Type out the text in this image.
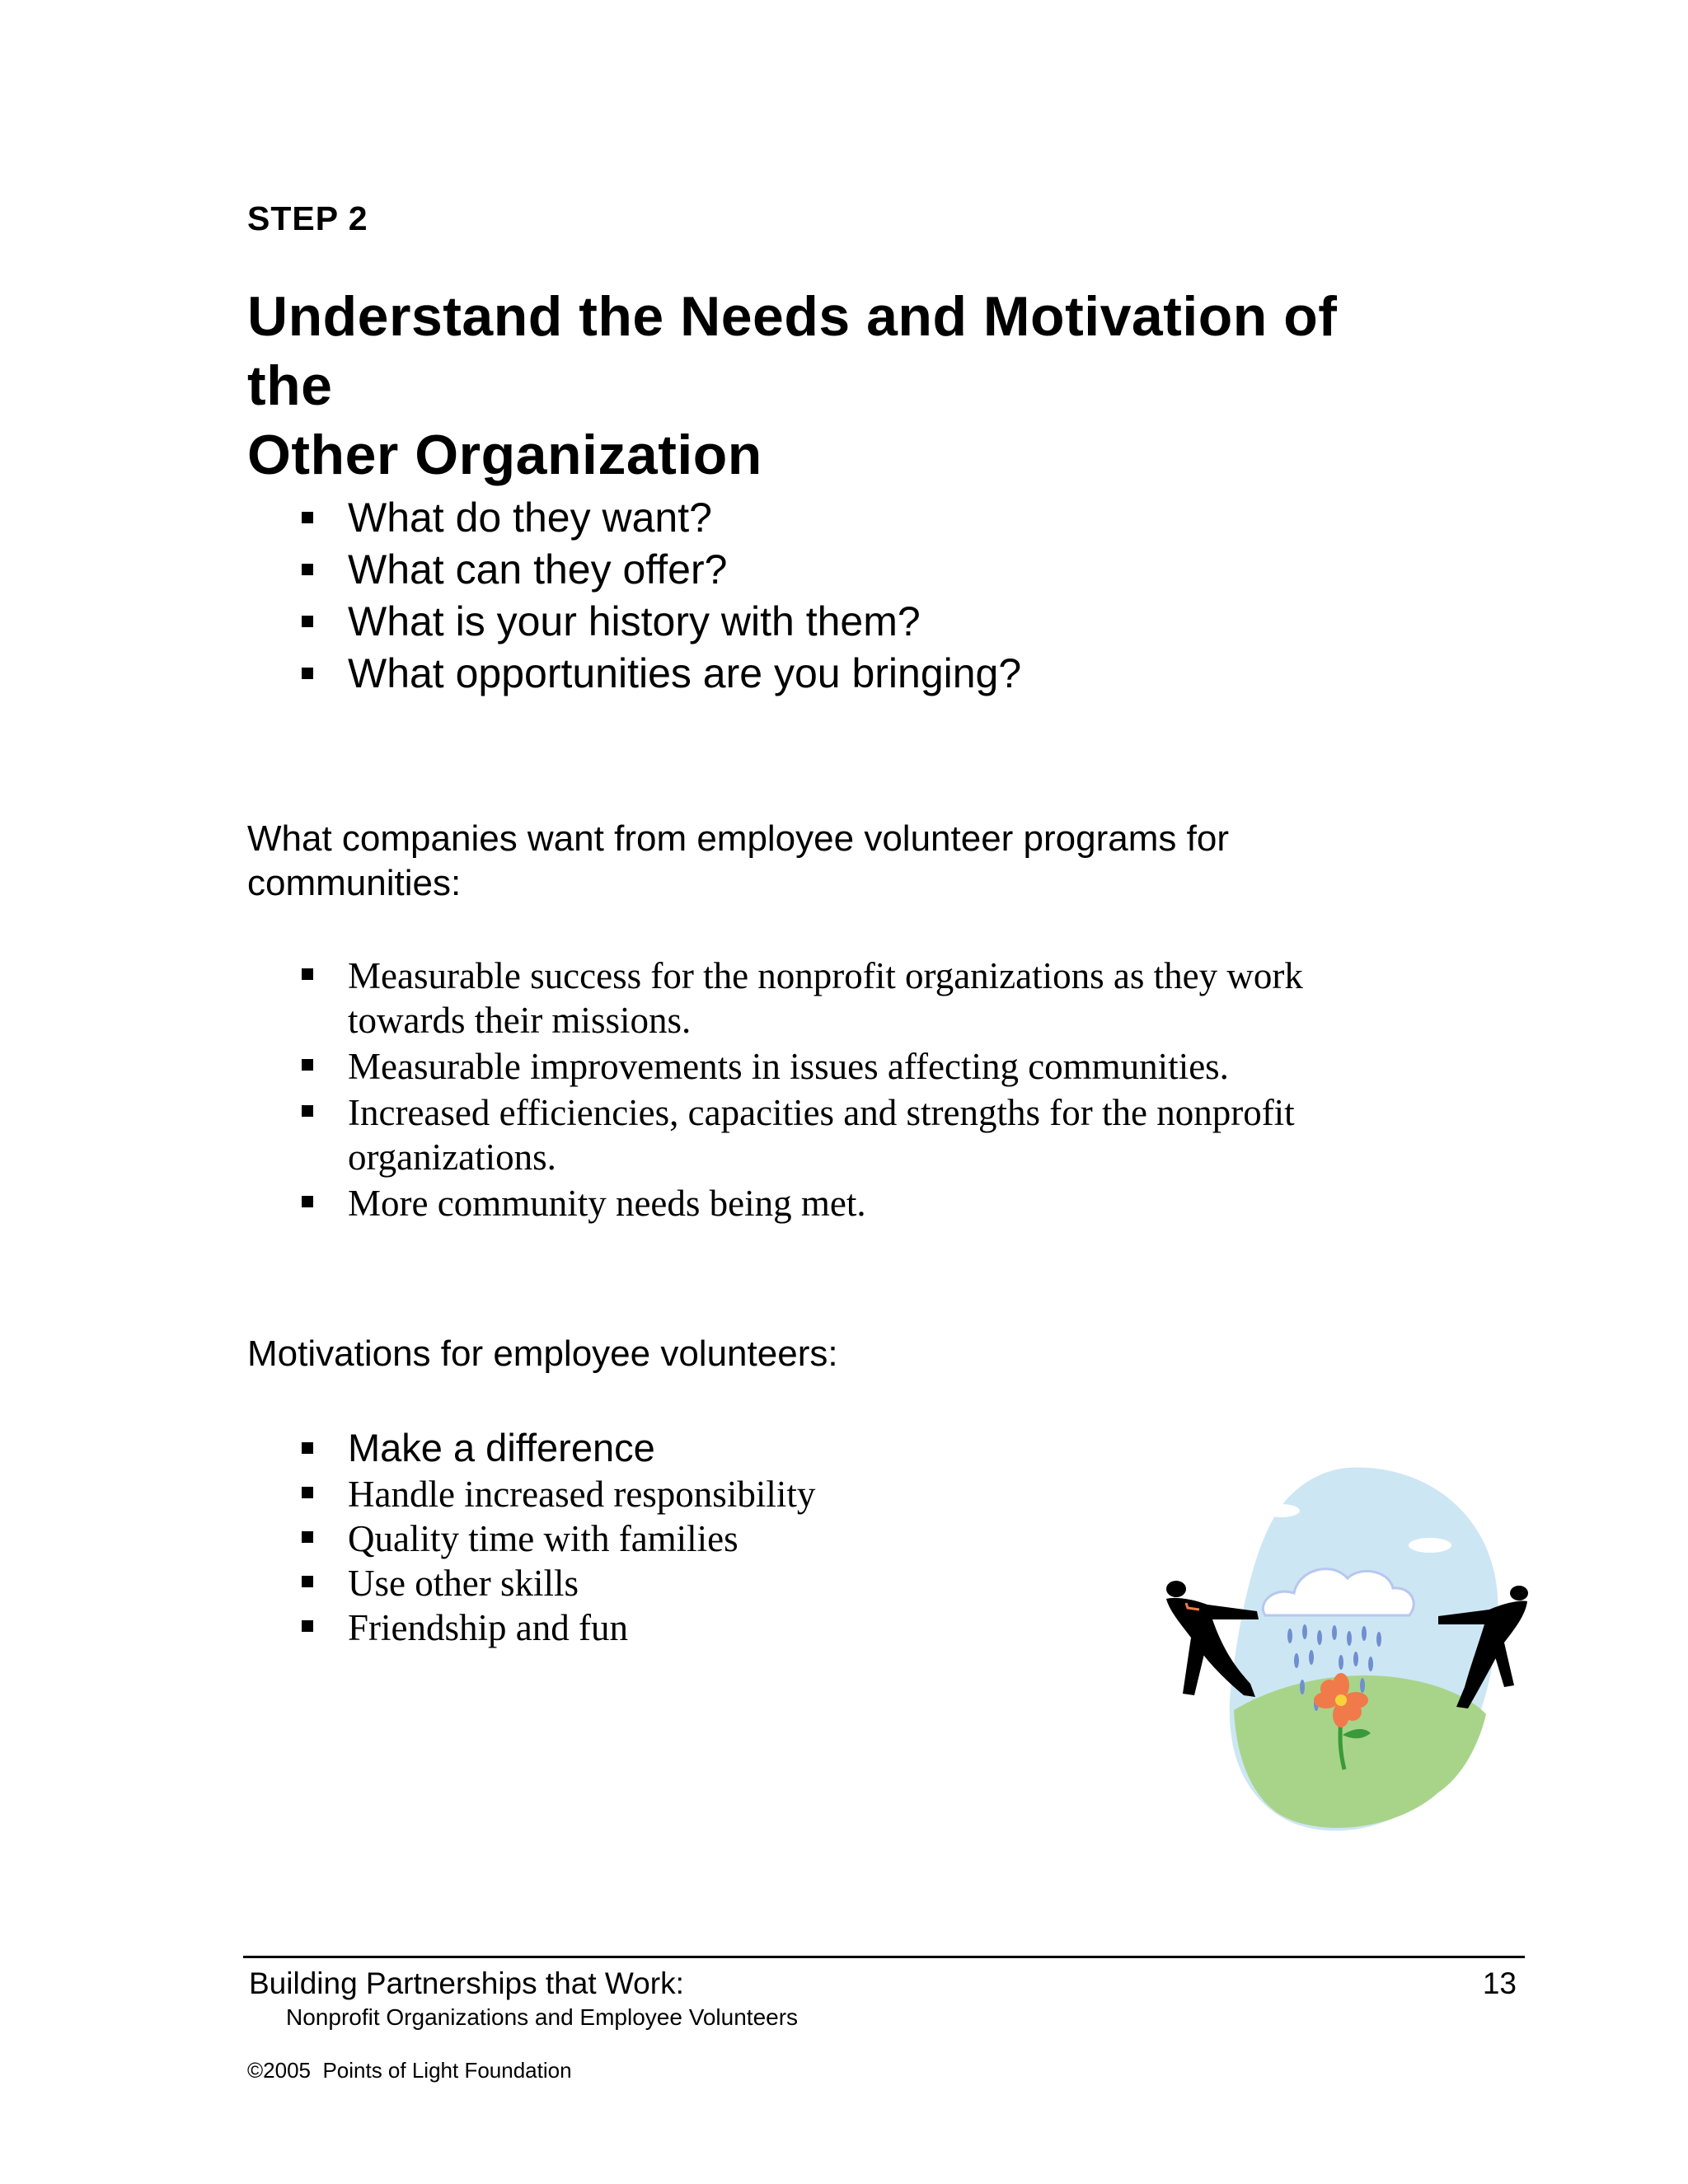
STEP 2
Understand the Needs and Motivation of the
Other Organization
What do they want?
What can they offer?
What is your history with them?
What opportunities are you bringing?
What companies want from employee volunteer programs for
communities:
Measurable success for the nonprofit organizations as they work
towards their missions.
Measurable improvements in issues affecting communities.
Increased efficiencies, capacities and strengths for the nonprofit
organizations.
More community needs being met.
Motivations for employee volunteers:
Make a difference
Handle increased responsibility
Quality time with families
Use other skills
Friendship and fun
Building Partnerships that Work:	13
Nonprofit Organizations and Employee Volunteers
©2005  Points of Light Foundation
